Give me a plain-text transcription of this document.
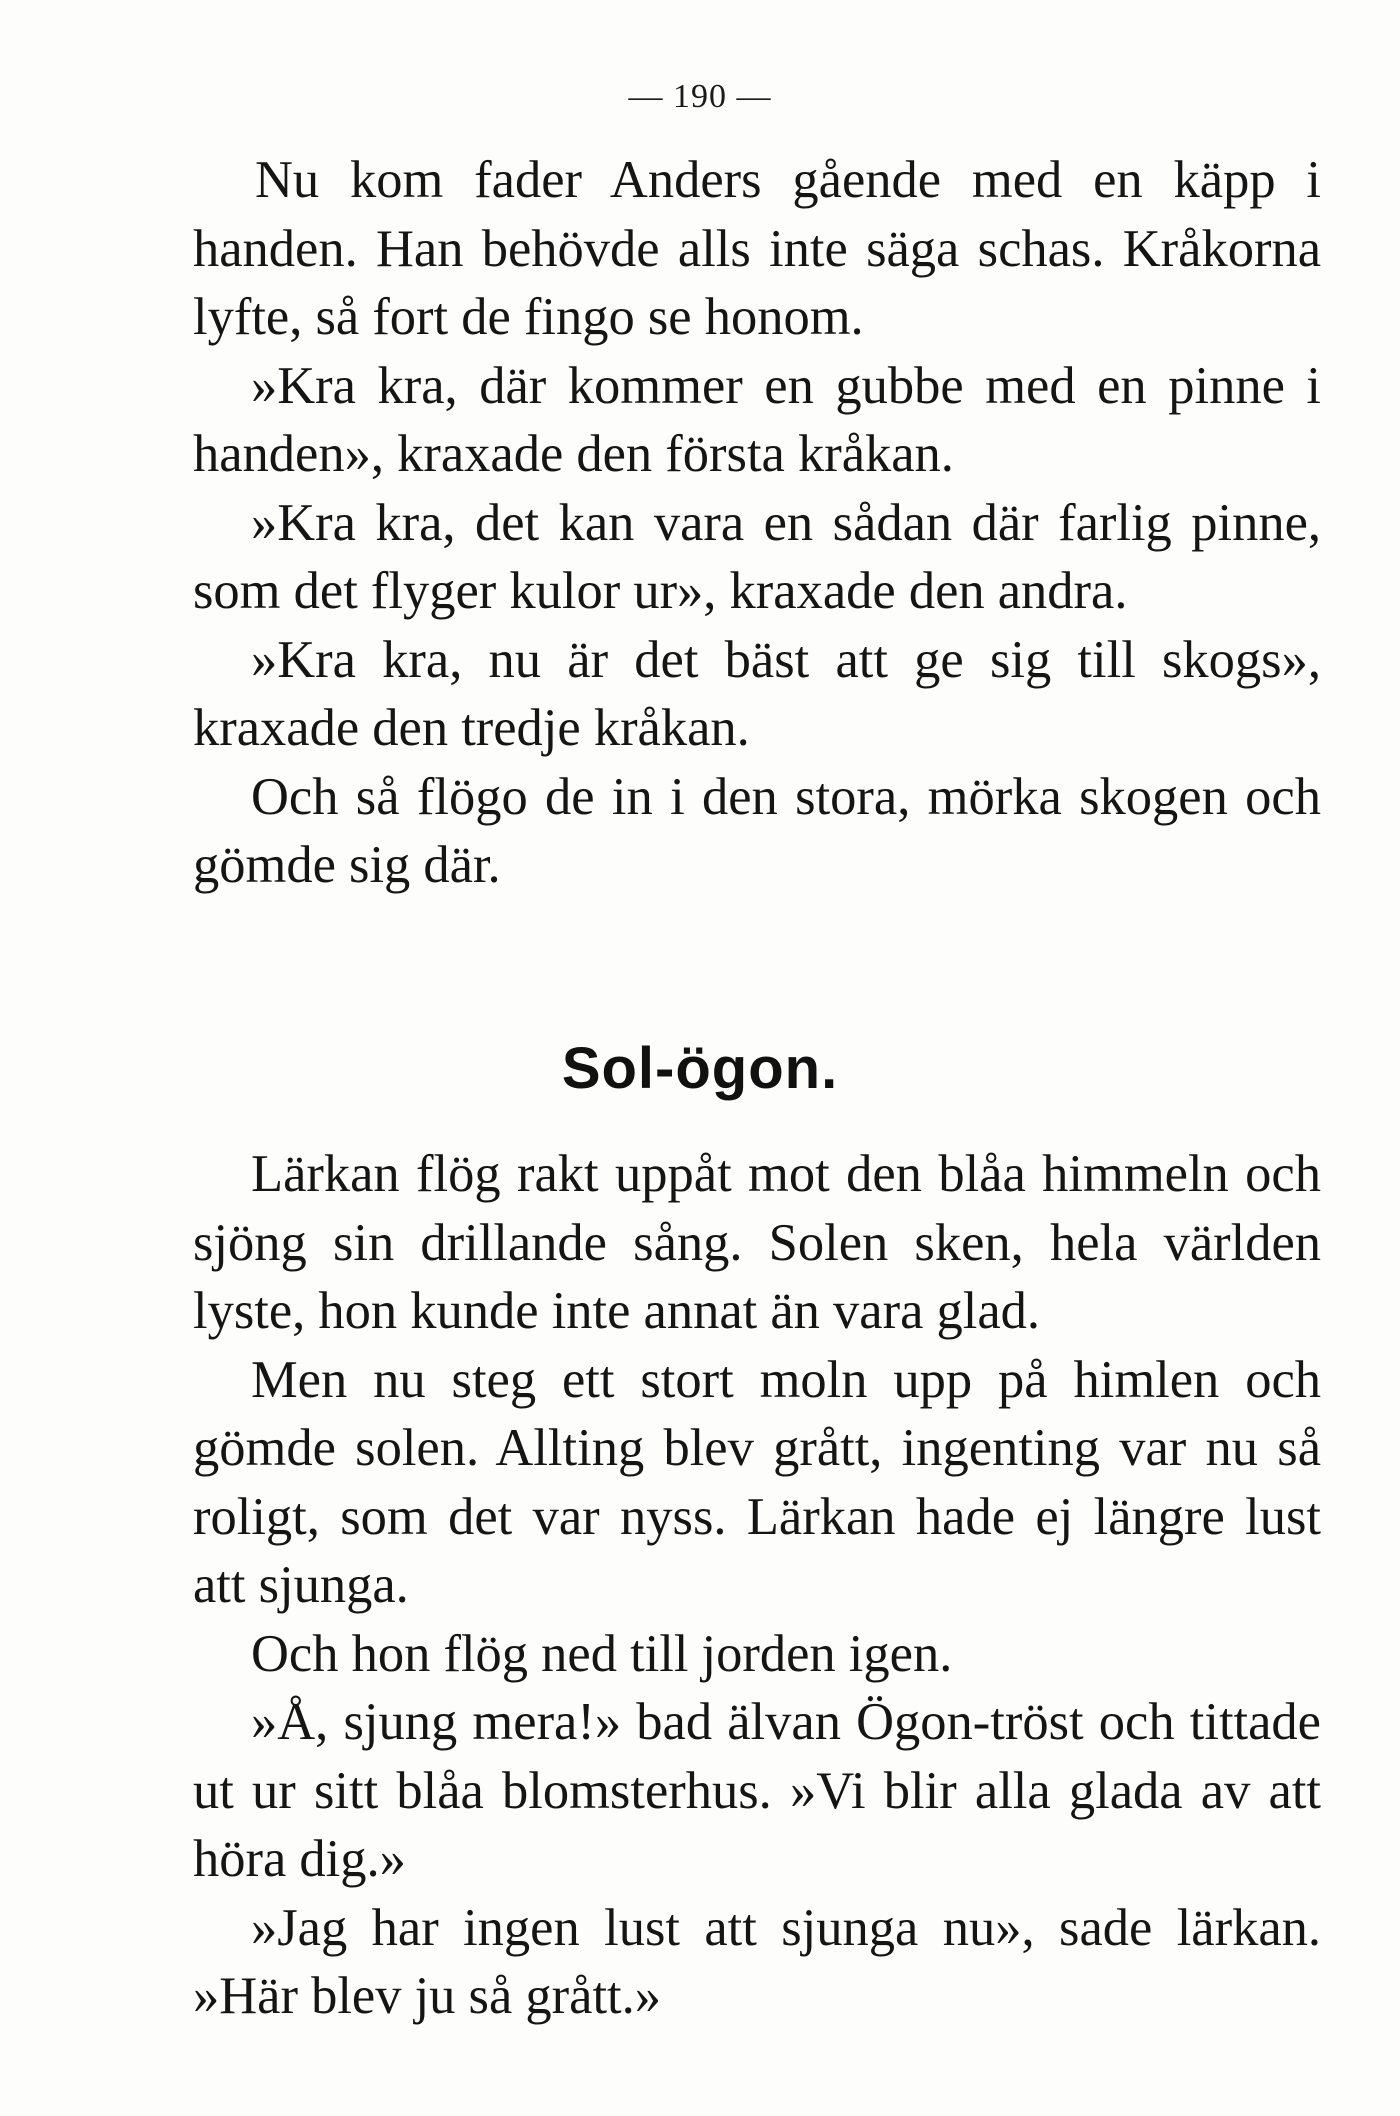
— 190 —

Nu kom fader Anders gående med en käpp i handen. Han behövde alls inte säga schas. Kråkorna lyfte, så fort de fingo se honom.

»Kra kra, där kommer en gubbe med en pinne i handen», kraxade den första kråkan.

»Kra kra, det kan vara en sådan där farlig pinne, som det flyger kulor ur», kraxade den andra.

»Kra kra, nu är det bäst att ge sig till skogs», kraxade den tredje kråkan.

Och så flögo de in i den stora, mörka skogen och gömde sig där.

Sol-ögon.

Lärkan flög rakt uppåt mot den blåa himmeln och sjöng sin drillande sång. Solen sken, hela världen lyste, hon kunde inte annat än vara glad.

Men nu steg ett stort moln upp på himlen och gömde solen. Allting blev grått, ingenting var nu så roligt, som det var nyss. Lärkan hade ej längre lust att sjunga.

Och hon flög ned till jorden igen.

»Å, sjung mera!» bad älvan Ögon-tröst och tittade ut ur sitt blåa blomsterhus. »Vi blir alla glada av att höra dig.»

»Jag har ingen lust att sjunga nu», sade lärkan. »Här blev ju så grått.»
